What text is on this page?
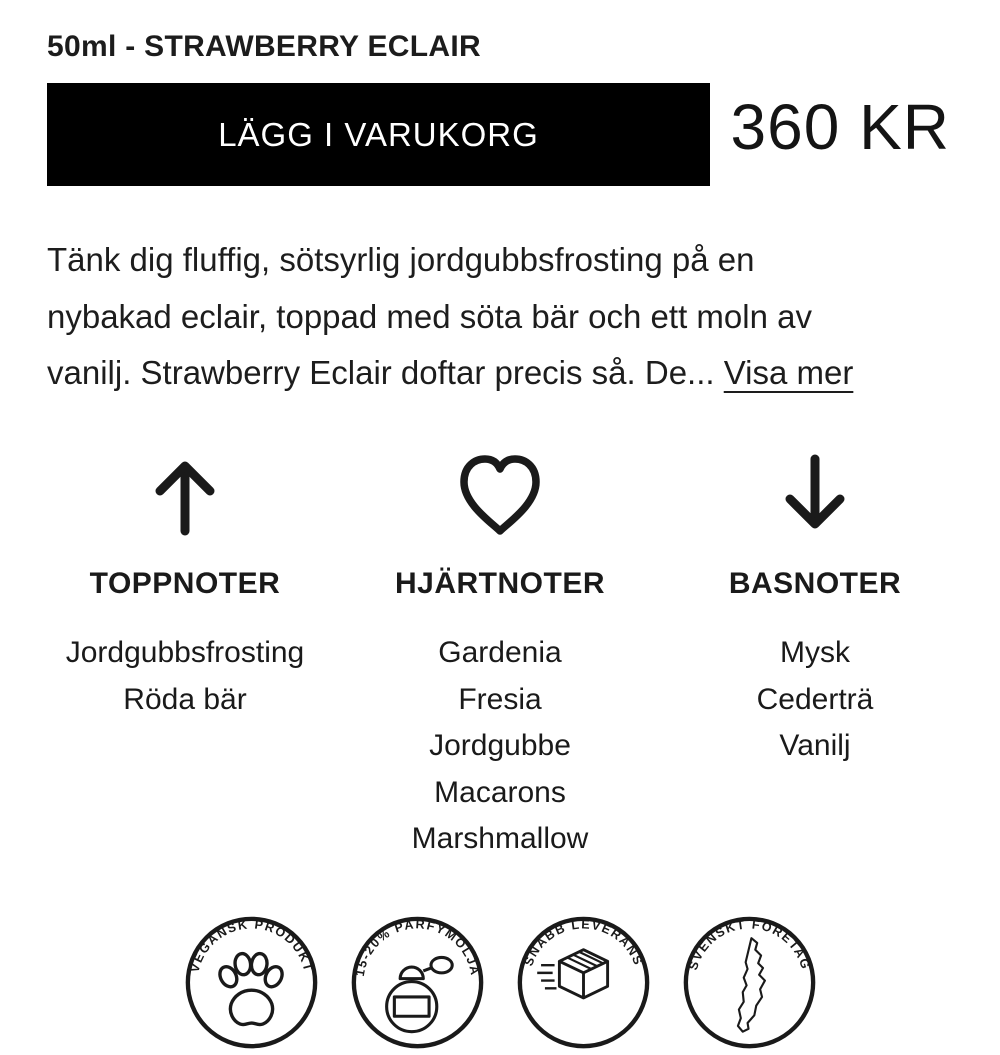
50ml - STRAWBERRY ECLAIR
LÄGG I VARUKORG	360 KR
Tänk dig fluffig, sötsyrlig jordgubbsfrosting på en
nybakad eclair, toppad med söta bär och ett moln av
vanilj. Strawberry Eclair doftar precis så. De... Visa mer
TOPPNOTER
Jordgubbsfrosting
Röda bär
HJÄRTNOTER
Gardenia
Fresia
Jordgubbe
Macarons
Marshmallow
BASNOTER
Mysk
Cederträ
Vanilj
VEGANSK PRODUKT	15-20% PARFYMOLJA
SNABB LEVERANS	SVENSKT FÖRETAG
